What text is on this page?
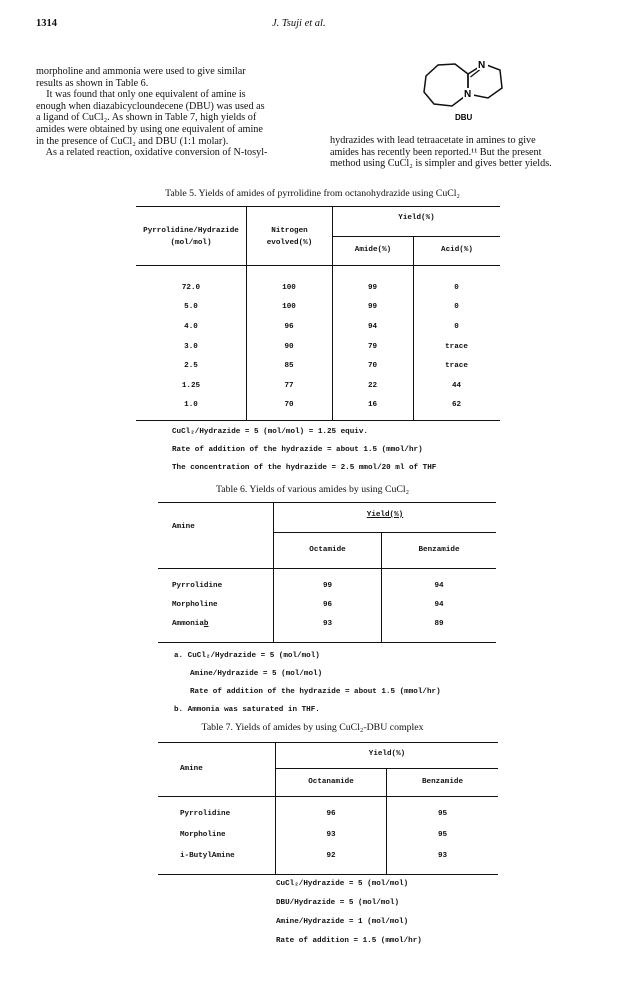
1314	J. Tsuji et al.
morpholine and ammonia were used to give similar
results as shown in Table 6.
It was found that only one equivalent of amine is
enough when diazabicycloundecene (DBU) was used as
a ligand of CuCl₂. As shown in Table 7, high yields of
amides were obtained by using one equivalent of amine
in the presence of CuCl₂ and DBU (1:1 molar).
As a related reaction, oxidative conversion of N-tosyl-
N
N
DBU
hydrazides with lead tetraacetate in amines to give
amides has recently been reported.¹¹ But the present
method using CuCl₂ is simpler and gives better yields.
Table 5. Yields of amides of pyrrolidine from octanohydrazide using CuCl₂
Pyrrolidine/Hydrazide
(mol/mol)
Nitrogen
evolved(%)
Yield(%)
Amide(%)	Acid(%)
72.0	100	99	0
5.0	100	99	0
4.0	96	94	0
3.0	90	79	trace
2.5	85	70	trace
1.25	77	22	44
1.0	70	16	62
CuCl₂/Hydrazide = 5 (mol/mol) = 1.25 equiv.
Rate of addition of the hydrazide = about 1.5 (mmol/hr)
The concentration of the hydrazide = 2.5 mmol/20 ml of THF
Table 6. Yields of various amides by using CuCl₂
Amine
Yield(%)
Octamide	Benzamide
Pyrrolidine	99	94
Morpholine	96	94
Ammoniab	93	89
a. CuCl₂/Hydrazide = 5 (mol/mol)
Amine/Hydrazide = 5 (mol/mol)
Rate of addition of the hydrazide = about 1.5 (mmol/hr)
b. Ammonia was saturated in THF.
Table 7. Yields of amides by using CuCl₂-DBU complex
Amine
Yield(%)
Octanamide	Benzamide
Pyrrolidine	96	95
Morpholine	93	95
i-ButylAmine	92	93
CuCl₂/Hydrazide = 5 (mol/mol)
DBU/Hydrazide = 5 (mol/mol)
Amine/Hydrazide = 1 (mol/mol)
Rate of addition = 1.5 (mmol/hr)
